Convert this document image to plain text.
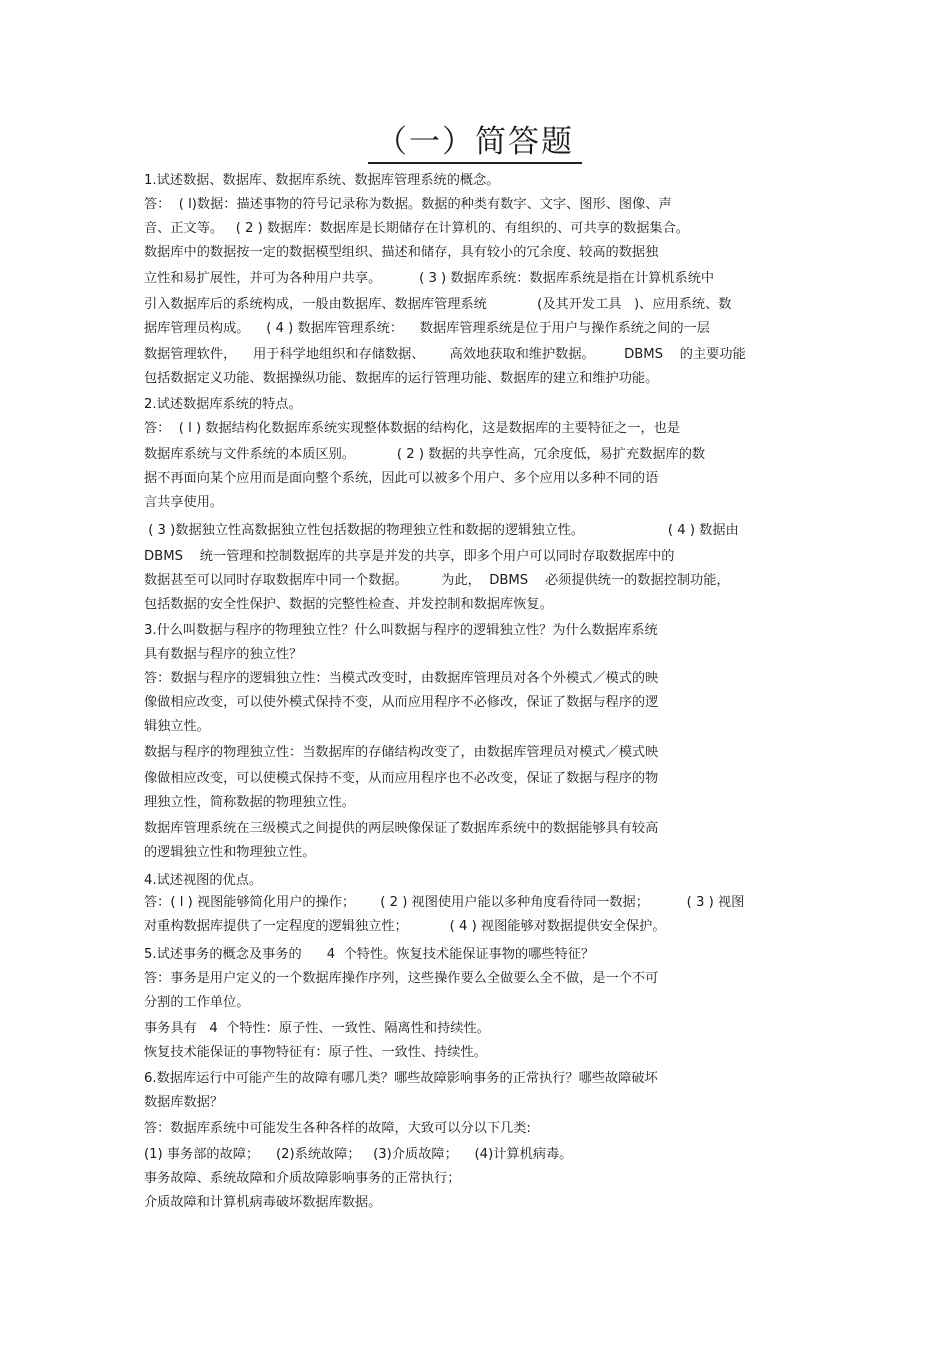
（一）简答题
1.试述数据、数据库、数据库系统、数据库管理系统的概念。
答：  ( l)数据：描述事物的符号记录称为数据。数据的种类有数字、文字、图形、图像、声
音、正文等。   ( 2 ) 数据库：数据库是长期储存在计算机的、有组织的、可共享的数据集合。
数据库中的数据按一定的数据模型组织、描述和储存，具有较小的冗余度、较高的数据独
立性和易扩展性，并可为各种用户共享。         ( 3 ) 数据库系统：数据库系统是指在计算机系统中
引入数据库后的系统构成，一般由数据库、数据库管理系统            (及其开发工具   )、应用系统、数
据库管理员构成。    ( 4 ) 数据库管理系统：    数据库管理系统是位于用户与操作系统之间的一层
数据管理软件，    用于科学地组织和存储数据、      高效地获取和维护数据。       DBMS    的主要功能
包括数据定义功能、数据操纵功能、数据库的运行管理功能、数据库的建立和维护功能。
2.试述数据库系统的特点。
答：  ( l ) 数据结构化数据库系统实现整体数据的结构化，这是数据库的主要特征之一，也是
数据库系统与文件系统的本质区别。          ( 2 ) 数据的共享性高，冗余度低，易扩充数据库的数
据不再面向某个应用而是面向整个系统，因此可以被多个用户、多个应用以多种不同的语
言共享使用。
( 3 )数据独立性高数据独立性包括数据的物理独立性和数据的逻辑独立性。                    ( 4 ) 数据由
DBMS    统一管理和控制数据库的共享是并发的共享，即多个用户可以同时存取数据库中的
数据甚至可以同时存取数据库中同一个数据。        为此，  DBMS    必须提供统一的数据控制功能，
包括数据的安全性保护、数据的完整性检查、并发控制和数据库恢复。
3.什么叫数据与程序的物理独立性？什么叫数据与程序的逻辑独立性？为什么数据库系统
具有数据与程序的独立性？
答：数据与程序的逻辑独立性：当模式改变时，由数据库管理员对各个外模式／模式的映
像做相应改变，可以使外模式保持不变，从而应用程序不必修改，保证了数据与程序的逻
辑独立性。
数据与程序的物理独立性：当数据库的存储结构改变了，由数据库管理员对模式／模式映
像做相应改变，可以使模式保持不变，从而应用程序也不必改变，保证了数据与程序的物
理独立性，简称数据的物理独立性。
数据库管理系统在三级模式之间提供的两层映像保证了数据库系统中的数据能够具有较高
的逻辑独立性和物理独立性。
4.试述视图的优点。
答：( l ) 视图能够简化用户的操作；      ( 2 ) 视图使用户能以多种角度看待同一数据；         ( 3 ) 视图
对重构数据库提供了一定程度的逻辑独立性；          ( 4 ) 视图能够对数据提供安全保护。
5.试述事务的概念及事务的      4  个特性。恢复技术能保证事物的哪些特征？
答：事务是用户定义的一个数据库操作序列，这些操作要么全做要么全不做，是一个不可
分割的工作单位。
事务具有   4  个特性：原子性、一致性、隔离性和持续性。
恢复技术能保证的事物特征有：原子性、一致性、持续性。
6.数据库运行中可能产生的故障有哪几类？哪些故障影响事务的正常执行？哪些故障破坏
数据库数据？
答：数据库系统中可能发生各种各样的故障，大致可以分以下几类:
(1) 事务部的故障；    (2)系统故障；   (3)介质故障；    (4)计算机病毒。
事务故障、系统故障和介质故障影响事务的正常执行；
介质故障和计算机病毒破坏数据库数据。
